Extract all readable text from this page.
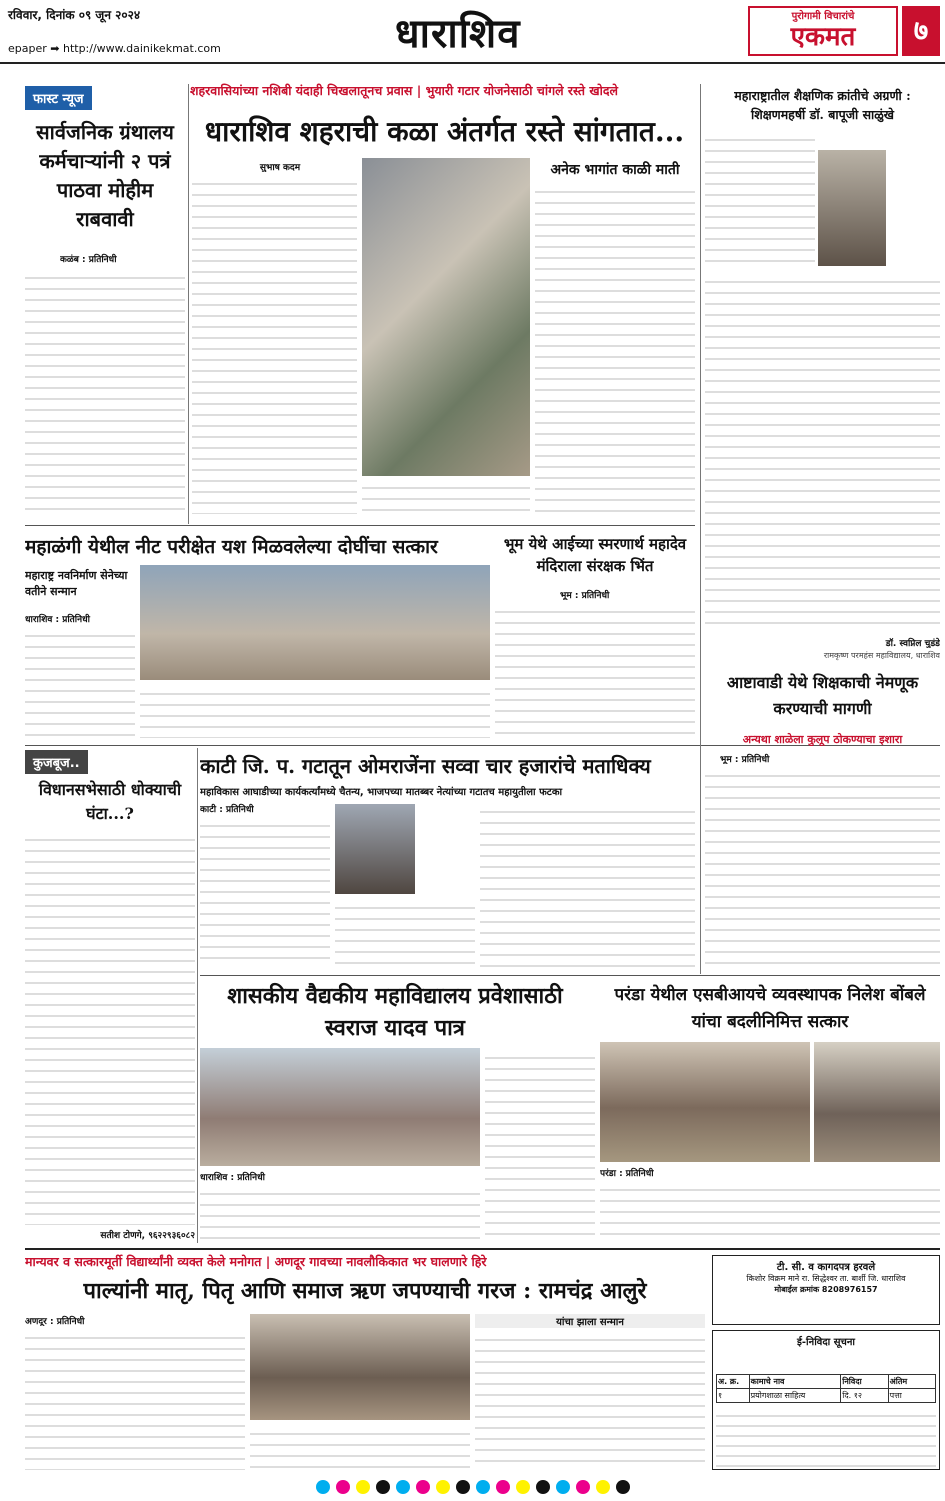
रविवार, दिनांक ०९ जून २०२४
epaper ➡ http://www.dainikekmat.com	धाराशिव	पुरोगामी विचारांचे
एकमत	७
शहरवासियांच्या नशिबी यंदाही चिखलातूनच प्रवास | भुयारी गटार योजनेसाठी चांगले रस्ते खोदले
फास्ट न्यूज
सार्वजनिक ग्रंथालय कर्मचाऱ्यांनी २ पत्रं पाठवा मोहीम राबवावी
कळंब : प्रतिनिधी
धाराशिव शहराची कळा अंतर्गत रस्ते सांगतात...
सुभाष कदम	अनेक भागांत काळी माती
महाराष्ट्रातील शैक्षणिक क्रांतीचे अग्रणी : शिक्षणमहर्षी डॉ. बापूजी साळुंखे
डॉ. स्वप्निल चुडंडे
रामकृष्ण परमहंस महाविद्यालय, धाराशिव
महाळंगी येथील नीट परीक्षेत यश मिळवलेल्या दोघींचा सत्कार
महाराष्ट्र नवनिर्माण सेनेच्या वतीने सन्मान
धाराशिव : प्रतिनिधी
भूम येथे आईच्या स्मरणार्थ महादेव मंदिराला संरक्षक भिंत
भूम : प्रतिनिधी
कुजबूज..
विधानसभेसाठी धोक्याची घंटा...?
सतीश टोणगे, ९६२२९३६०८२
काटी जि. प. गटातून ओमराजेंना सव्वा चार हजारांचे मताधिक्य
महाविकास आघाडीच्या कार्यकर्त्यांमध्ये चैतन्य, भाजपच्या मातब्बर नेत्यांच्या गटातच महायुतीला फटका
काटी : प्रतिनिधी
आष्टावाडी येथे शिक्षकाची नेमणूक करण्याची मागणी
अन्यथा शाळेला कुलूप ठोकण्याचा इशारा
भूम : प्रतिनिधी
शासकीय वैद्यकीय महाविद्यालय प्रवेशासाठी स्वराज यादव पात्र
धाराशिव : प्रतिनिधी
परंडा येथील एसबीआयचे व्यवस्थापक निलेश बोंबले यांचा बदलीनिमित्त सत्कार
परंडा : प्रतिनिधी
मान्यवर व सत्कारमूर्ती विद्यार्थ्यांनी व्यक्त केले मनोगत | अणदूर गावच्या नावलौकिकात भर घालणारे हिरे
पाल्यांनी मातृ, पितृ आणि समाज ऋण जपण्याची गरज : रामचंद्र आलुरे
अणदूर : प्रतिनिधी	यांचा झाला सन्मान
टी. सी. व कागदपत्र हरवले
किशोर विक्रम माने रा. सिद्धेश्वर ता. बार्शी जि. धाराशिव
मोबाईल क्रमांक 8208976157
ई-निविदा सूचना
अ. क्र.	कामाचे नाव	निविदा	अंतिम
१	प्रयोगशाळा साहित्य	दि. १२	पत्ता
